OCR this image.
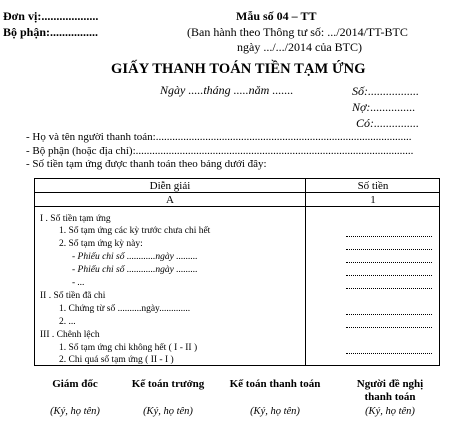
Đơn vị:...................
Bộ phận:................
Mẫu số 04 – TT
(Ban hành theo Thông tư số: .../2014/TT-BTC
ngày .../.../2014 của BTC)
GIẤY THANH TOÁN TIỀN TẠM ỨNG
Ngày .....tháng .....năm .......	Số:.................
Nợ:...............
Có:...............
- Họ và tên người thanh toán:.............................................................................................
- Bộ phận (hoặc địa chỉ):.....................................................................................................
- Số tiền tạm ứng được thanh toán theo bảng dưới đây:
Diễn giải	Số tiền
A	1
I . Số tiền tạm ứng
1. Số tạm ứng các kỳ trước chưa chi hết
2. Số tạm ứng kỳ này:
- Phiếu chi số ............ngày .........
- Phiếu chi số ............ngày .........
- ...
II . Số tiền đã chi
1. Chứng từ số ..........ngày.............
2. ...
III . Chênh lệch
1. Số tạm ứng chi không hết ( I - II )
2. Chi quá số tạm ứng ( II - I )
Giám đốc	Kế toán trưởng	Kế toán thanh toán	Người đề nghị
thanh toán
(Ký, họ tên)	(Ký, họ tên)	(Ký, họ tên)	(Ký, họ tên)
